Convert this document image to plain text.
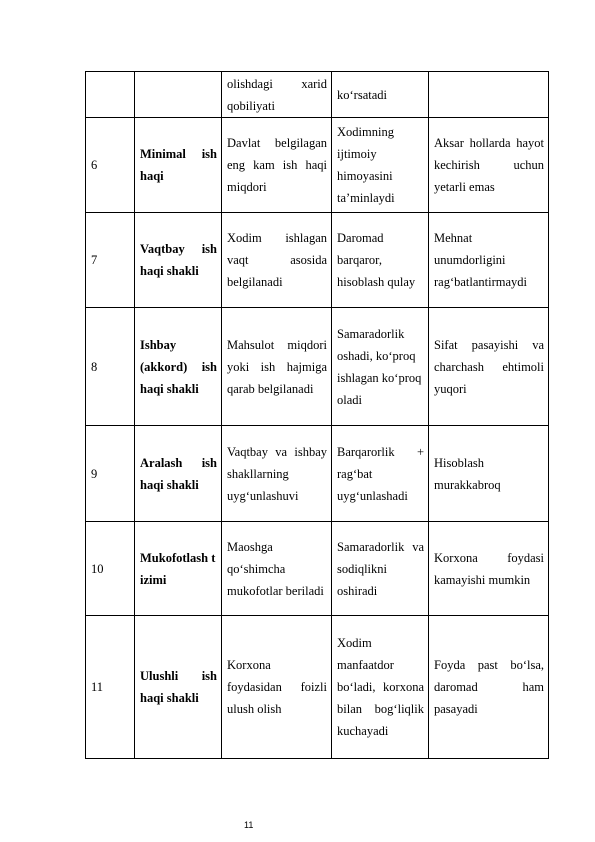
		olishdagi xarid qobiliyati	ko‘rsatadi	
6	Minimal ish haqi	Davlat belgilagan eng kam ish haqi miqdori	Xodimning ijtimoiy himoyasini ta’minlaydi	Aksar hollarda hayot kechirish uchun yetarli emas
7	Vaqtbay ish haqi shakli	Xodim ishlagan vaqt asosida belgilanadi	Daromad barqaror, hisoblash qulay	Mehnat unumdorligini rag‘batlantirmaydi
8	Ishbay (akkord) ish haqi shakli	Mahsulot miqdori yoki ish hajmiga qarab belgilanadi	Samaradorlik oshadi, ko‘proq ishlagan ko‘proq oladi	Sifat pasayishi va charchash ehtimoli yuqori
9	Aralash ish haqi shakli	Vaqtbay va ishbay shakllarning uyg‘unlashuvi	Barqarorlik + rag‘bat uyg‘unlashadi	Hisoblash murakkabroq
10	Mukofotlash tizimi	Maoshga qo‘shimcha mukofotlar beriladi	Samaradorlik va sodiqlikni oshiradi	Korxona foydasi kamayishi mumkin
11	Ulushli ish haqi shakli	Korxona foydasidan foizli ulush olish	Xodim manfaatdor bo‘ladi, korxona bilan bog‘liqlik kuchayadi	Foyda past bo‘lsa, daromad ham pasayadi
11
